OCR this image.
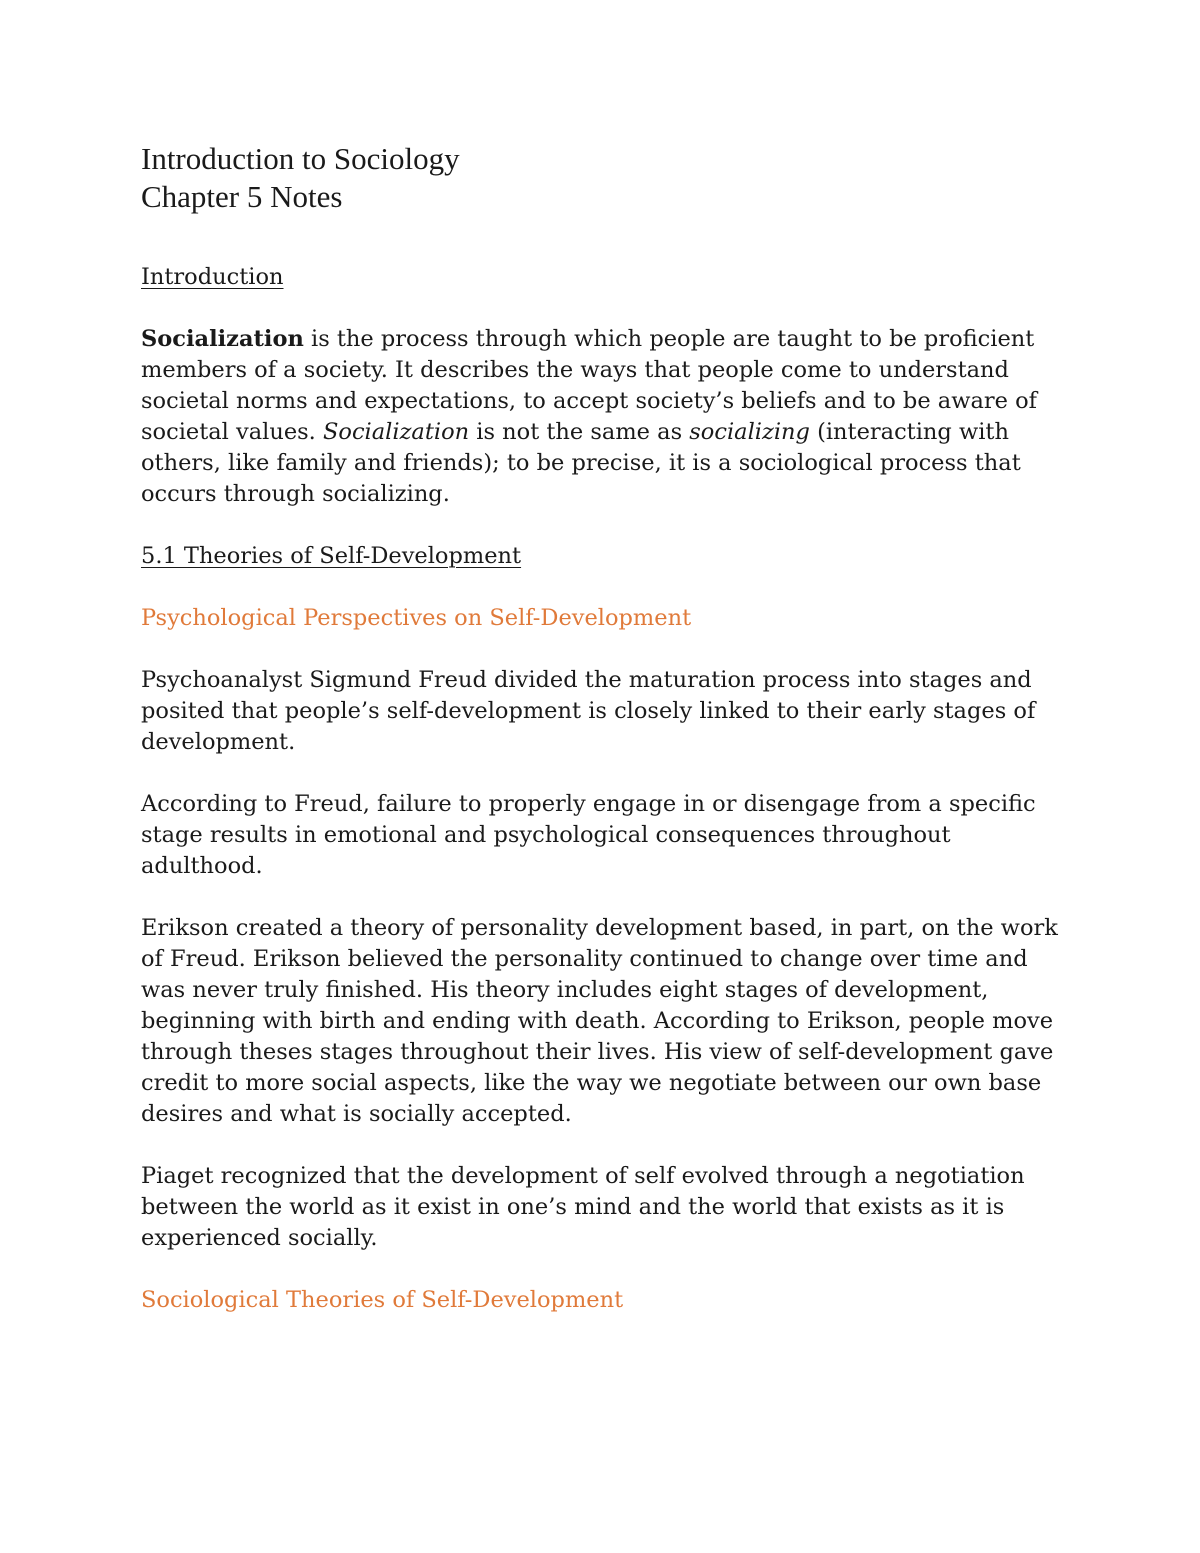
Introduction to Sociology
Chapter 5 Notes
Introduction

Socialization is the process through which people are taught to be proficient members of a society. It describes the ways that people come to understand societal norms and expectations, to accept society’s beliefs and to be aware of societal values. Socialization is not the same as socializing (interacting with others, like family and friends); to be precise, it is a sociological process that occurs through socializing.

5.1 Theories of Self-Development
Psychological Perspectives on Self-Development

Psychoanalyst Sigmund Freud divided the maturation process into stages and posited that people’s self-development is closely linked to their early stages of development.

According to Freud, failure to properly engage in or disengage from a specific stage results in emotional and psychological consequences throughout adulthood.

Erikson created a theory of personality development based, in part, on the work of Freud. Erikson believed the personality continued to change over time and was never truly finished. His theory includes eight stages of development, beginning with birth and ending with death. According to Erikson, people move through theses stages throughout their lives. His view of self-development gave credit to more social aspects, like the way we negotiate between our own base desires and what is socially accepted.

Piaget recognized that the development of self evolved through a negotiation between the world as it exist in one’s mind and the world that exists as it is experienced socially.

Sociological Theories of Self-Development
